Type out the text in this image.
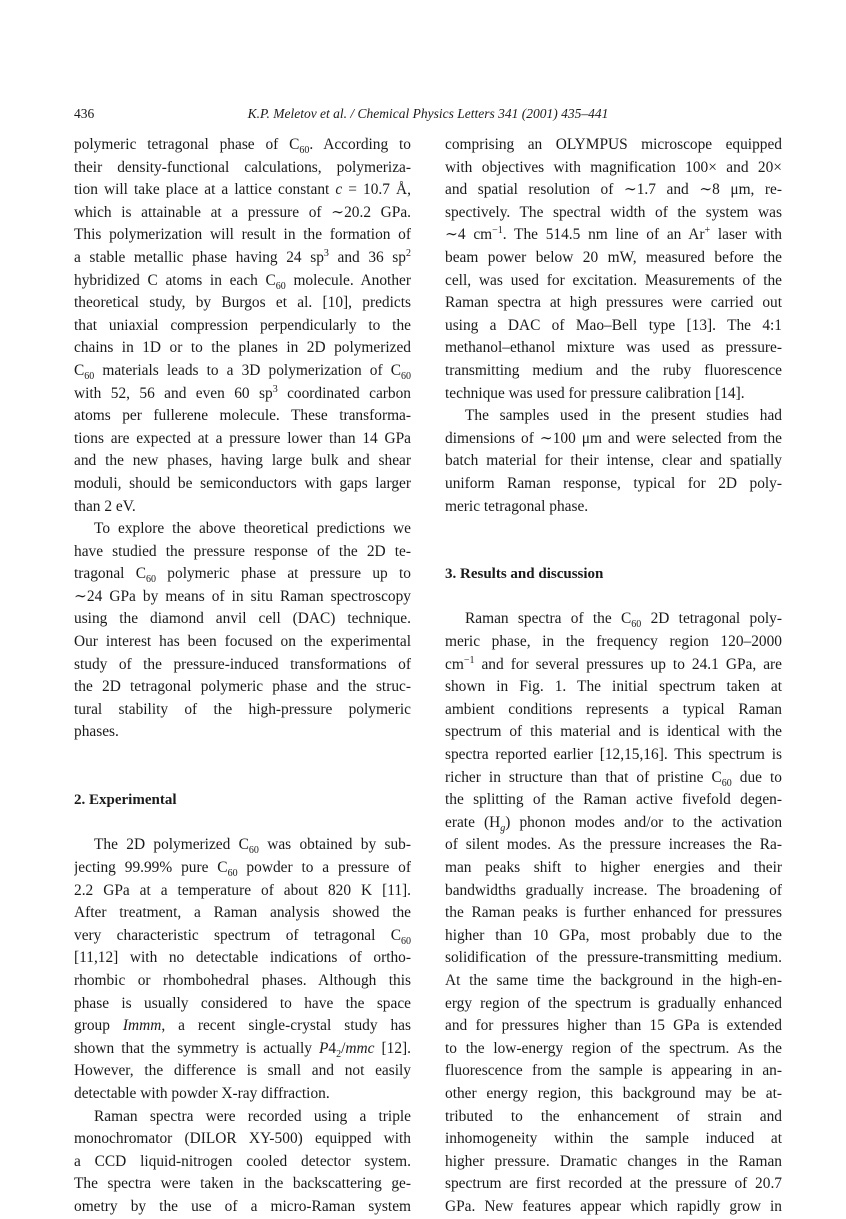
436	K.P. Meletov et al. / Chemical Physics Letters 341 (2001) 435–441
polymeric tetragonal phase of $C_{60}$. According to
their density-functional calculations, polymeriza-
tion will take place at a lattice constant c = 10.7 Å,
which is attainable at a pressure of ∼20.2 GPa.
This polymerization will result in the formation of
a stable metallic phase having 24 $sp^3$ and 36 $sp^2$
hybridized C atoms in each $C_{60}$ molecule. Another
theoretical study, by Burgos et al. [10], predicts
that uniaxial compression perpendicularly to the
chains in 1D or to the planes in 2D polymerized
$C_{60}$ materials leads to a 3D polymerization of $C_{60}$
with 52, 56 and even 60 $sp^3$ coordinated carbon
atoms per fullerene molecule. These transforma-
tions are expected at a pressure lower than 14 GPa
and the new phases, having large bulk and shear
moduli, should be semiconductors with gaps larger
than 2 eV.
To explore the above theoretical predictions we
have studied the pressure response of the 2D te-
tragonal $C_{60}$ polymeric phase at pressure up to
∼24 GPa by means of in situ Raman spectroscopy
using the diamond anvil cell (DAC) technique.
Our interest has been focused on the experimental
study of the pressure-induced transformations of
the 2D tetragonal polymeric phase and the struc-
tural stability of the high-pressure polymeric
phases.
2. Experimental
The 2D polymerized $C_{60}$ was obtained by sub-
jecting 99.99% pure $C_{60}$ powder to a pressure of
2.2 GPa at a temperature of about 820 K [11].
After treatment, a Raman analysis showed the
very characteristic spectrum of tetragonal $C_{60}$
[11,12] with no detectable indications of ortho-
rhombic or rhombohedral phases. Although this
phase is usually considered to have the space
group Immm, a recent single-crystal study has
shown that the symmetry is actually $P4_2$/mmc [12].
However, the difference is small and not easily
detectable with powder X-ray diffraction.
Raman spectra were recorded using a triple
monochromator (DILOR XY-500) equipped with
a CCD liquid-nitrogen cooled detector system.
The spectra were taken in the backscattering ge-
ometry by the use of a micro-Raman system
comprising an OLYMPUS microscope equipped
with objectives with magnification 100× and 20×
and spatial resolution of ∼1.7 and ∼8 μm, re-
spectively. The spectral width of the system was
∼4 $cm^{-1}$. The 514.5 nm line of an Ar+ laser with
beam power below 20 mW, measured before the
cell, was used for excitation. Measurements of the
Raman spectra at high pressures were carried out
using a DAC of Mao–Bell type [13]. The 4:1
methanol–ethanol mixture was used as pressure-
transmitting medium and the ruby fluorescence
technique was used for pressure calibration [14].
The samples used in the present studies had
dimensions of ∼100 μm and were selected from the
batch material for their intense, clear and spatially
uniform Raman response, typical for 2D poly-
meric tetragonal phase.
3. Results and discussion
Raman spectra of the $C_{60}$ 2D tetragonal poly-
meric phase, in the frequency region 120–2000
$cm^{-1}$ and for several pressures up to 24.1 GPa, are
shown in Fig. 1. The initial spectrum taken at
ambient conditions represents a typical Raman
spectrum of this material and is identical with the
spectra reported earlier [12,15,16]. This spectrum is
richer in structure than that of pristine $C_{60}$ due to
the splitting of the Raman active fivefold degen-
erate $(H_g)$ phonon modes and/or to the activation
of silent modes. As the pressure increases the Ra-
man peaks shift to higher energies and their
bandwidths gradually increase. The broadening of
the Raman peaks is further enhanced for pressures
higher than 10 GPa, most probably due to the
solidification of the pressure-transmitting medium.
At the same time the background in the high-en-
ergy region of the spectrum is gradually enhanced
and for pressures higher than 15 GPa is extended
to the low-energy region of the spectrum. As the
fluorescence from the sample is appearing in an-
other energy region, this background may be at-
tributed to the enhancement of strain and
inhomogeneity within the sample induced at
higher pressure. Dramatic changes in the Raman
spectrum are first recorded at the pressure of 20.7
GPa. New features appear which rapidly grow in
